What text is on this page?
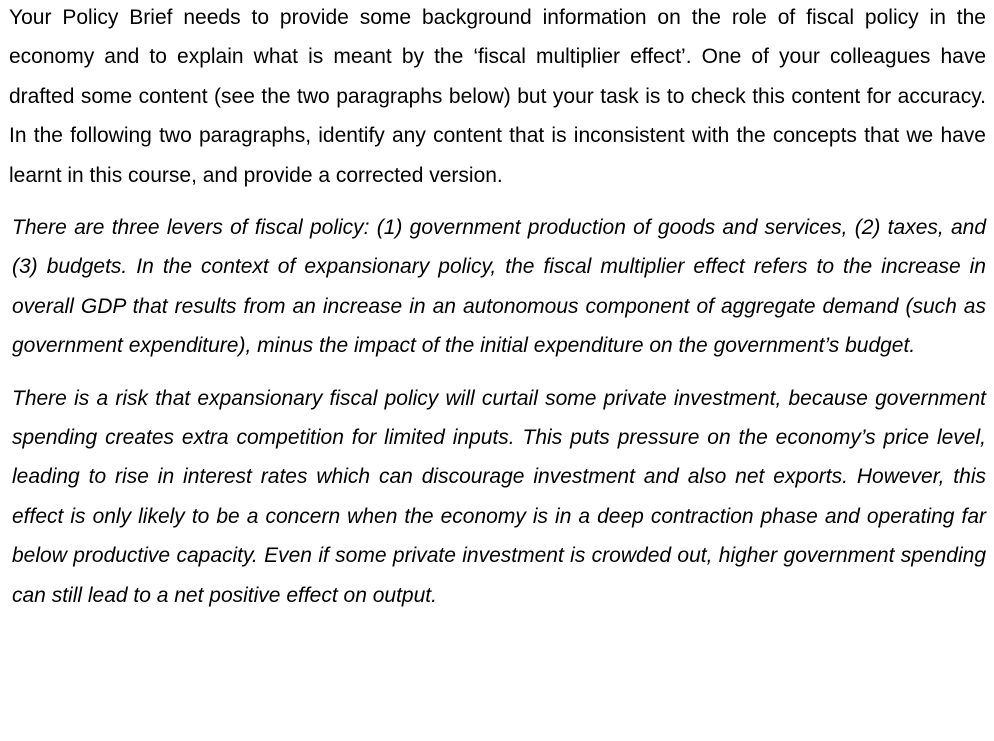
Your Policy Brief needs to provide some background information on the role of fiscal policy in the economy and to explain what is meant by the ‘fiscal multiplier effect’. One of your colleagues have drafted some content (see the two paragraphs below) but your task is to check this content for accuracy. In the following two paragraphs, identify any content that is inconsistent with the concepts that we have learnt in this course, and provide a corrected version.

There are three levers of fiscal policy: (1) government production of goods and services, (2) taxes, and (3) budgets. In the context of expansionary policy, the fiscal multiplier effect refers to the increase in overall GDP that results from an increase in an autonomous component of aggregate demand (such as government expenditure), minus the impact of the initial expenditure on the government’s budget.

There is a risk that expansionary fiscal policy will curtail some private investment, because government spending creates extra competition for limited inputs. This puts pressure on the economy’s price level, leading to rise in interest rates which can discourage investment and also net exports. However, this effect is only likely to be a concern when the economy is in a deep contraction phase and operating far below productive capacity. Even if some private investment is crowded out, higher government spending can still lead to a net positive effect on output.
